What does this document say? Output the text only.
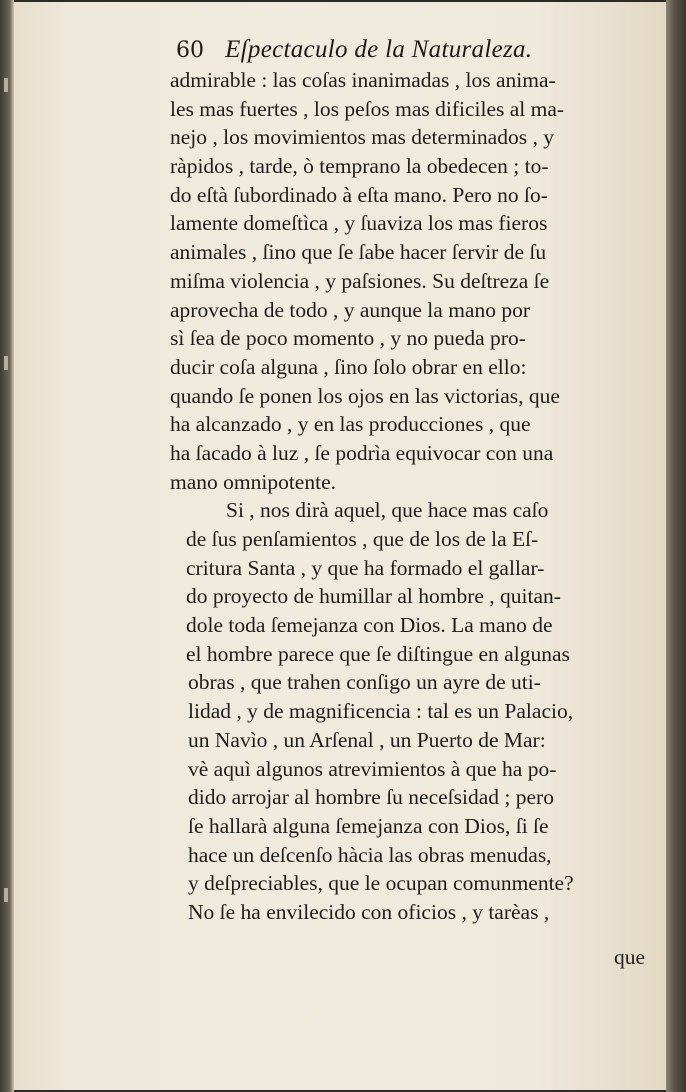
60 Eſpectaculo de la Naturaleza.
admirable : las coſas inanimadas , los anima-
les mas fuertes , los peſos mas dificiles al ma-
nejo , los movimientos mas determinados , y
ràpidos , tarde, ò temprano la obedecen ; to-
do eſtà ſubordinado à eſta mano. Pero no ſo-
lamente domeſtìca , y ſuaviza los mas fieros
animales , ſino que ſe ſabe hacer ſervir de ſu
miſma violencia , y paſsiones. Su deſtreza ſe
aprovecha de todo , y aunque la mano por
sì ſea de poco momento , y no pueda pro-
ducir coſa alguna , ſino ſolo obrar en ello:
quando ſe ponen los ojos en las victorias, que
ha alcanzado , y en las producciones , que
ha ſacado à luz , ſe podrìa equivocar con una
mano omnipotente.
Si , nos dirà aquel, que hace mas caſo
de ſus penſamientos , que de los de la Eſ-
critura Santa , y que ha formado el gallar-
do proyecto de humillar al hombre , quitan-
dole toda ſemejanza con Dios. La mano de
el hombre parece que ſe diſtingue en algunas
obras , que trahen conſigo un ayre de uti-
lidad , y de magnificencia : tal es un Palacio,
un Navìo , un Arſenal , un Puerto de Mar:
vè aquì algunos atrevimientos à que ha po-
dido arrojar al hombre ſu neceſsidad ; pero
ſe hallarà alguna ſemejanza con Dios, ſi ſe
hace un deſcenſo hàcia las obras menudas,
y deſpreciables, que le ocupan comunmente?
No ſe ha envilecido con oficios , y tarèas ,
que
